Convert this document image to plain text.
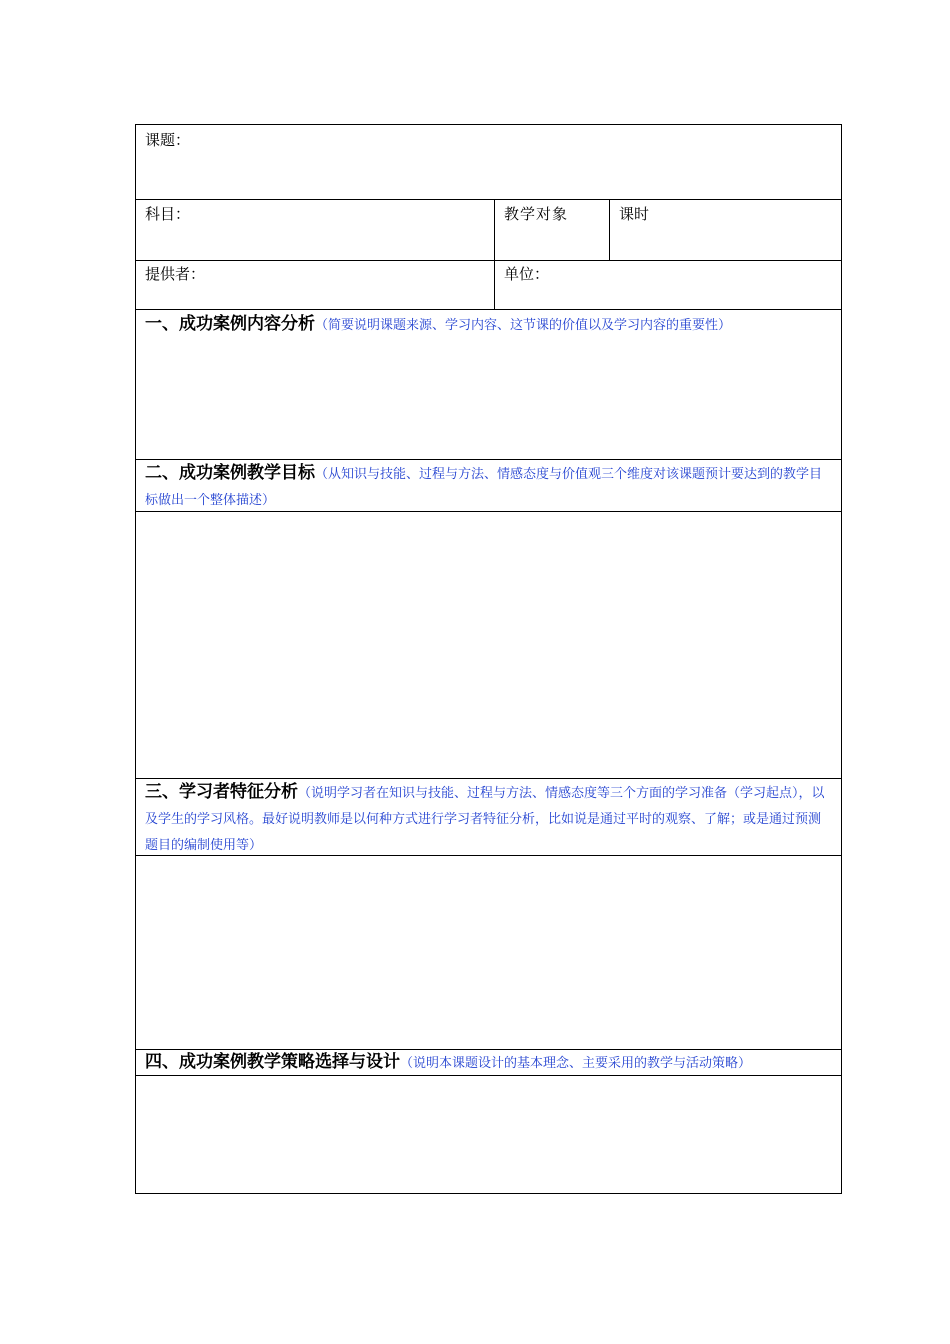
课题：
科目：	教学对象	课时
提供者：	单位：
一、成功案例内容分析（简要说明课题来源、学习内容、这节课的价值以及学习内容的重要性）
二、成功案例教学目标（从知识与技能、过程与方法、情感态度与价值观三个维度对该课题预计要达到的教学目标做出一个整体描述）
三、学习者特征分析（说明学习者在知识与技能、过程与方法、情感态度等三个方面的学习准备（学习起点），以及学生的学习风格。最好说明教师是以何种方式进行学习者特征分析，比如说是通过平时的观察、了解；或是通过预测题目的编制使用等）
四、成功案例教学策略选择与设计（说明本课题设计的基本理念、主要采用的教学与活动策略）
